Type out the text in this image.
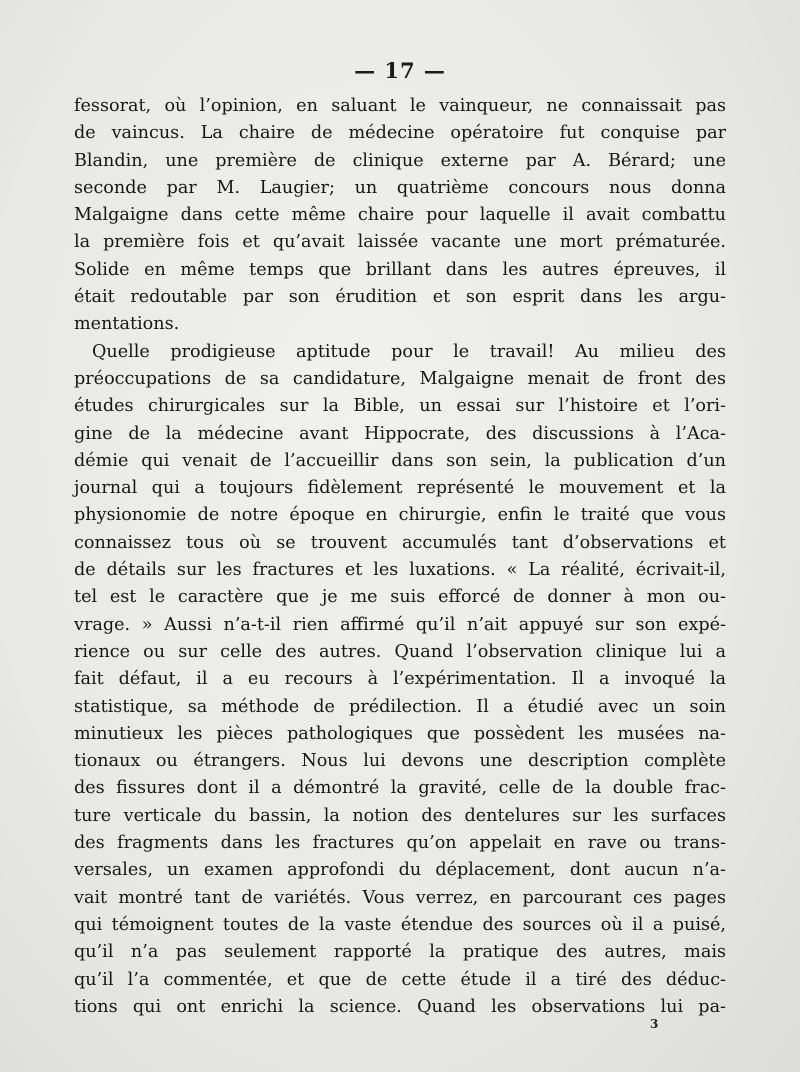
— 17 —
fessorat, où l’opinion, en saluant le vainqueur, ne connaissait pas
de vaincus. La chaire de médecine opératoire fut conquise par
Blandin, une première de clinique externe par A. Bérard; une
seconde par M. Laugier; un quatrième concours nous donna
Malgaigne dans cette même chaire pour laquelle il avait combattu
la première fois et qu’avait laissée vacante une mort prématurée.
Solide en même temps que brillant dans les autres épreuves, il
était redoutable par son érudition et son esprit dans les argu-
mentations.
Quelle prodigieuse aptitude pour le travail! Au milieu des
préoccupations de sa candidature, Malgaigne menait de front des
études chirurgicales sur la Bible, un essai sur l’histoire et l’ori-
gine de la médecine avant Hippocrate, des discussions à l’Aca-
démie qui venait de l’accueillir dans son sein, la publication d’un
journal qui a toujours fidèlement représenté le mouvement et la
physionomie de notre époque en chirurgie, enfin le traité que vous
connaissez tous où se trouvent accumulés tant d’observations et
de détails sur les fractures et les luxations. « La réalité, écrivait-il,
tel est le caractère que je me suis efforcé de donner à mon ou-
vrage. » Aussi n’a-t-il rien affirmé qu’il n’ait appuyé sur son expé-
rience ou sur celle des autres. Quand l’observation clinique lui a
fait défaut, il a eu recours à l’expérimentation. Il a invoqué la
statistique, sa méthode de prédilection. Il a étudié avec un soin
minutieux les pièces pathologiques que possèdent les musées na-
tionaux ou étrangers. Nous lui devons une description complète
des fissures dont il a démontré la gravité, celle de la double frac-
ture verticale du bassin, la notion des dentelures sur les surfaces
des fragments dans les fractures qu’on appelait en rave ou trans-
versales, un examen approfondi du déplacement, dont aucun n’a-
vait montré tant de variétés. Vous verrez, en parcourant ces pages
qui témoignent toutes de la vaste étendue des sources où il a puisé,
qu’il n’a pas seulement rapporté la pratique des autres, mais
qu’il l’a commentée, et que de cette étude il a tiré des déduc-
tions qui ont enrichi la science. Quand les observations lui pa-
3
